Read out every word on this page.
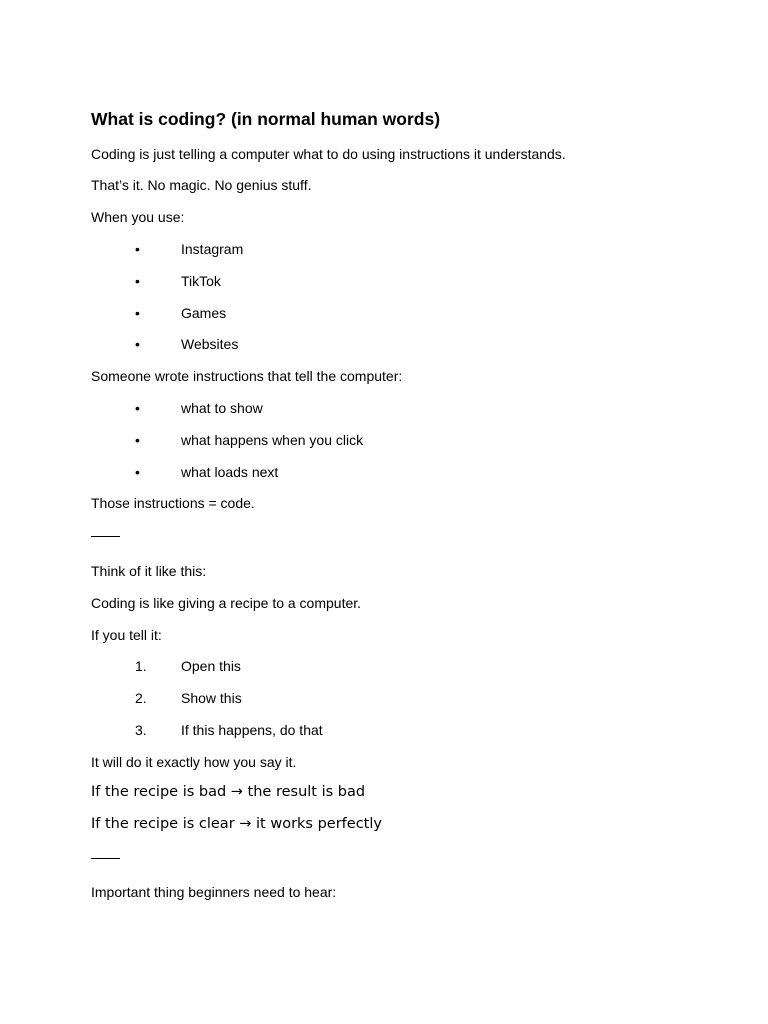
What is coding? (in normal human words)

Coding is just telling a computer what to do using instructions it understands.

That’s it. No magic. No genius stuff.

When you use:

•	Instagram
•	TikTok
•	Games
•	Websites

Someone wrote instructions that tell the computer:

•	what to show
•	what happens when you click
•	what loads next

Those instructions = code.

Think of it like this:

Coding is like giving a recipe to a computer.

If you tell it:

1. Open this
2. Show this
3. If this happens, do that

It will do it exactly how you say it.

If the recipe is bad → the result is bad

If the recipe is clear → it works perfectly

Important thing beginners need to hear:
